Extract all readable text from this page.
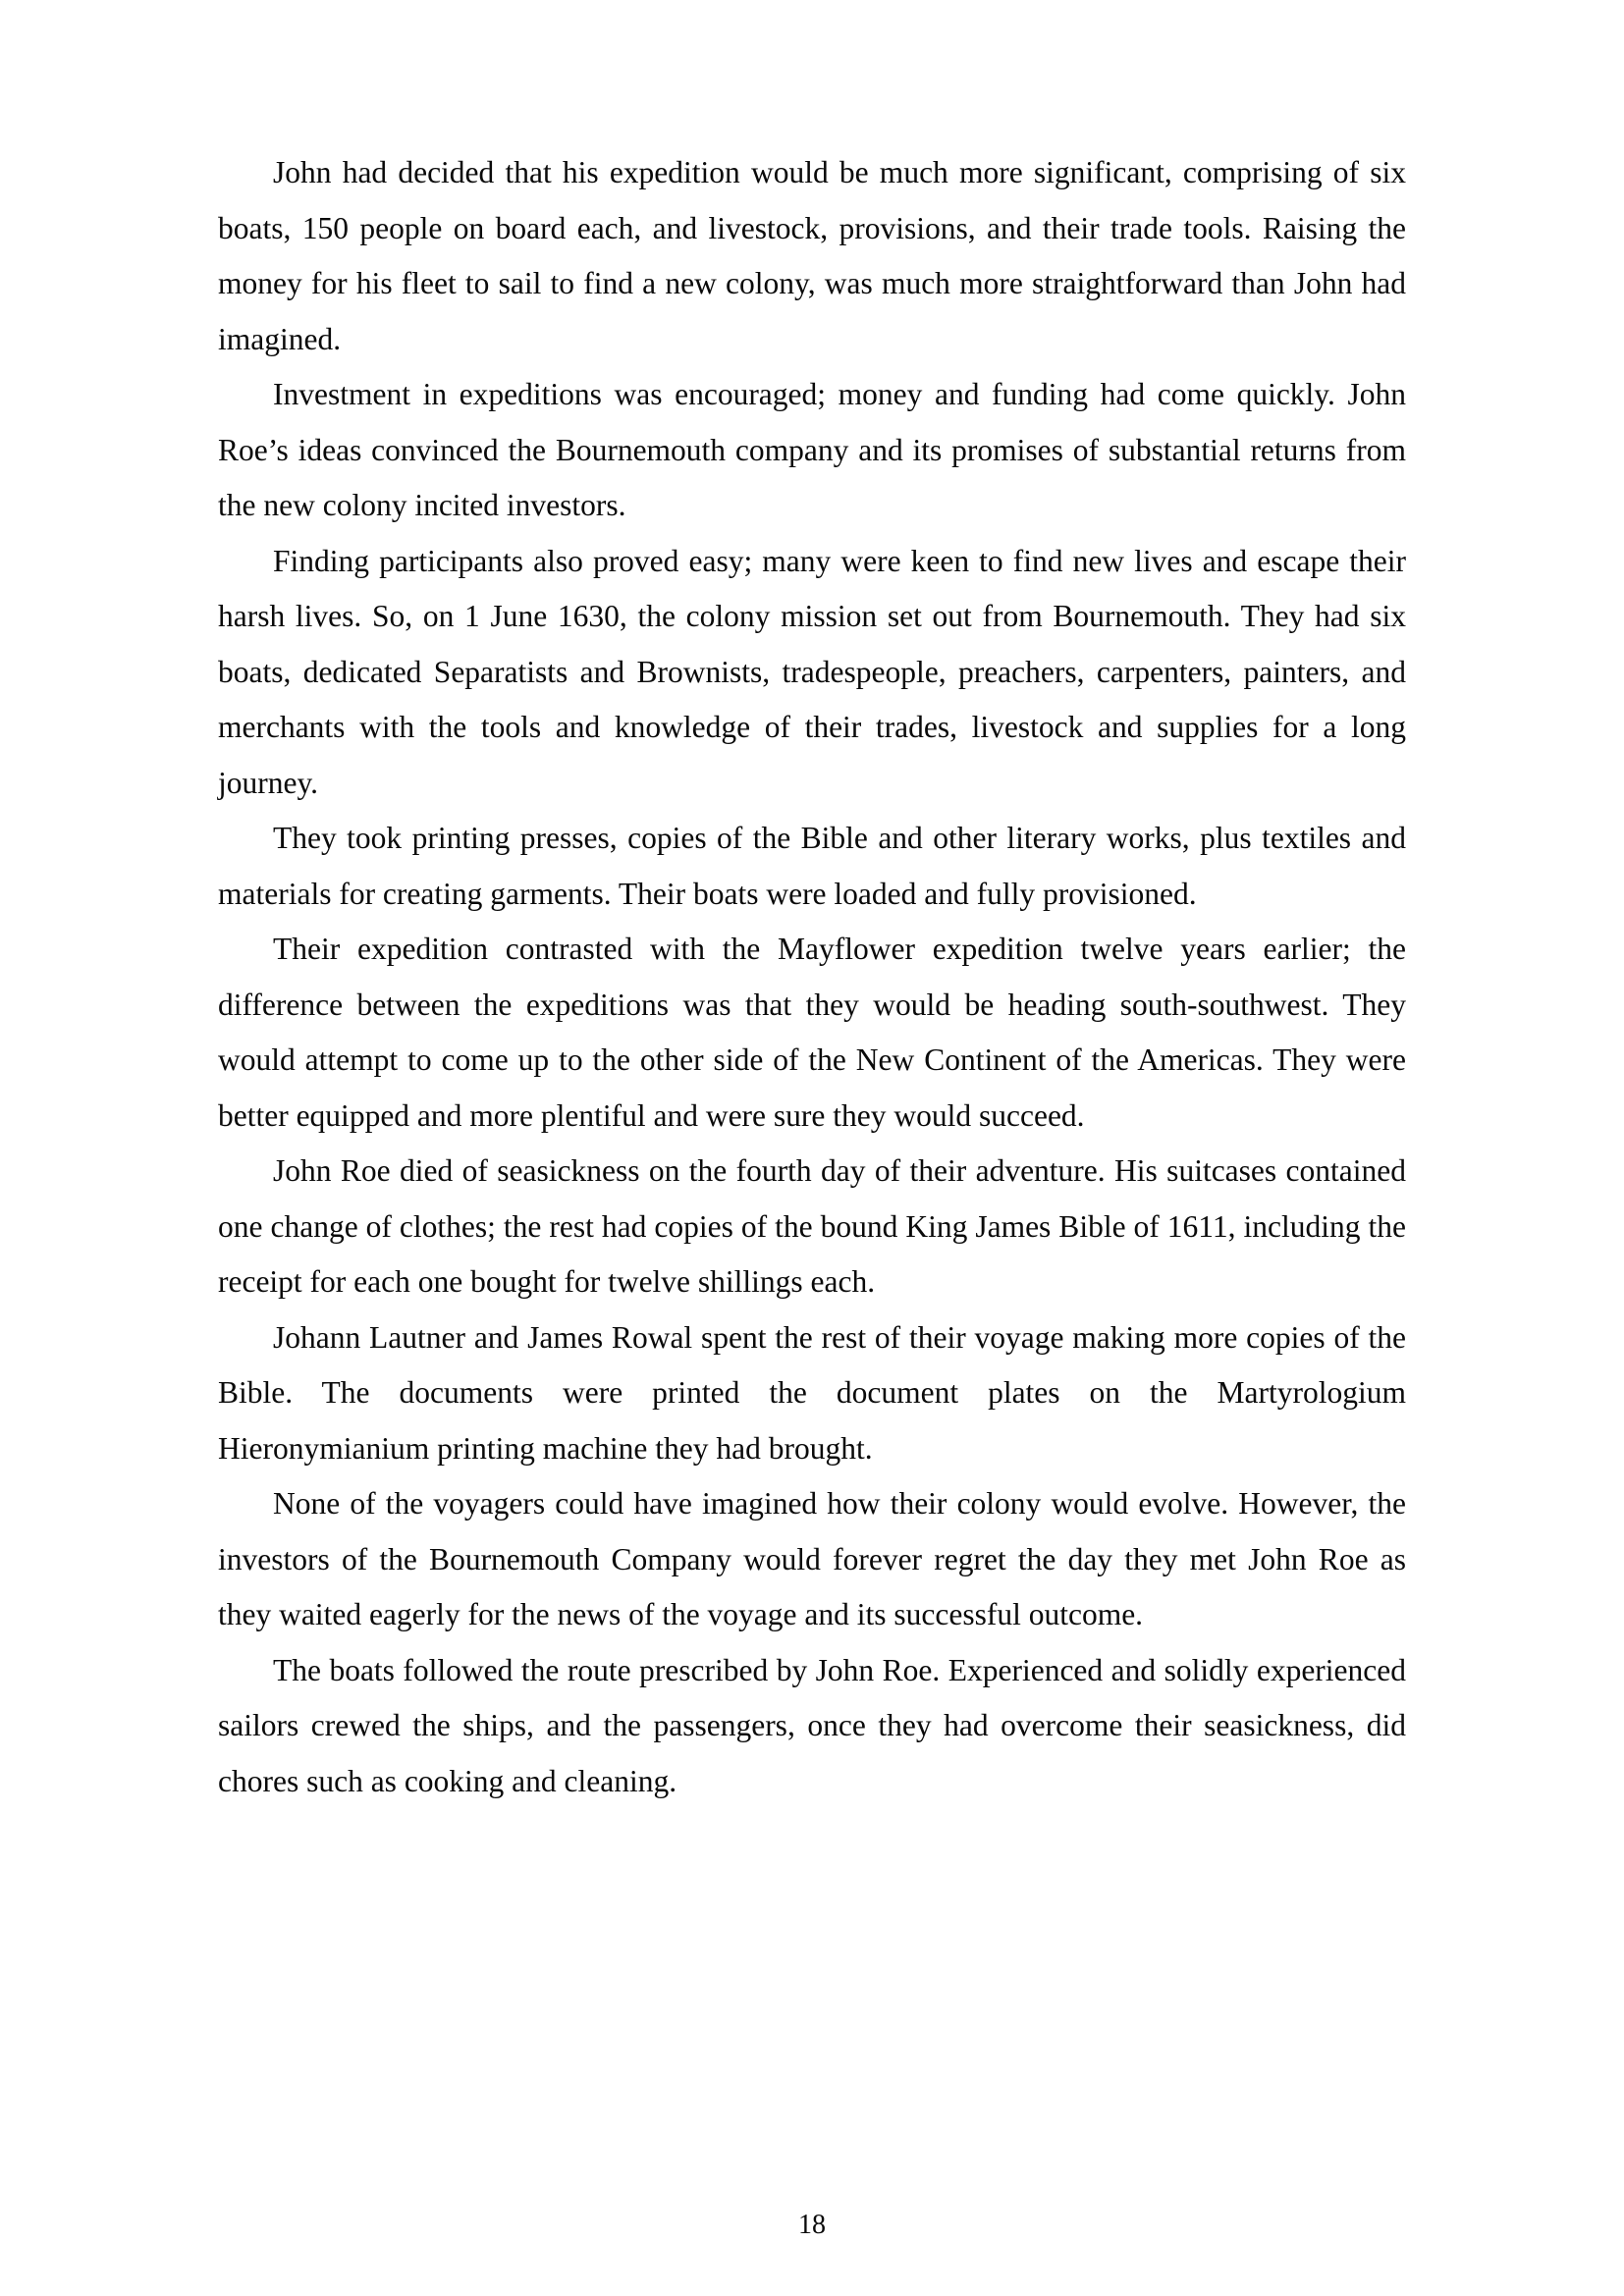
John had decided that his expedition would be much more significant, comprising of six boats, 150 people on board each, and livestock, provisions, and their trade tools. Raising the money for his fleet to sail to find a new colony, was much more straightforward than John had imagined.

Investment in expeditions was encouraged; money and funding had come quickly. John Roe’s ideas convinced the Bournemouth company and its promises of substantial returns from the new colony incited investors.

Finding participants also proved easy; many were keen to find new lives and escape their harsh lives. So, on 1 June 1630, the colony mission set out from Bournemouth. They had six boats, dedicated Separatists and Brownists, tradespeople, preachers, carpenters, painters, and merchants with the tools and knowledge of their trades, livestock and supplies for a long journey.

They took printing presses, copies of the Bible and other literary works, plus textiles and materials for creating garments. Their boats were loaded and fully provisioned.

Their expedition contrasted with the Mayflower expedition twelve years earlier; the difference between the expeditions was that they would be heading south-southwest. They would attempt to come up to the other side of the New Continent of the Americas. They were better equipped and more plentiful and were sure they would succeed.

John Roe died of seasickness on the fourth day of their adventure. His suitcases contained one change of clothes; the rest had copies of the bound King James Bible of 1611, including the receipt for each one bought for twelve shillings each.

Johann Lautner and James Rowal spent the rest of their voyage making more copies of the Bible. The documents were printed the document plates on the Martyrologium Hieronymianium printing machine they had brought.

None of the voyagers could have imagined how their colony would evolve. However, the investors of the Bournemouth Company would forever regret the day they met John Roe as they waited eagerly for the news of the voyage and its successful outcome.

The boats followed the route prescribed by John Roe. Experienced and solidly experienced sailors crewed the ships, and the passengers, once they had overcome their seasickness, did chores such as cooking and cleaning.

18
